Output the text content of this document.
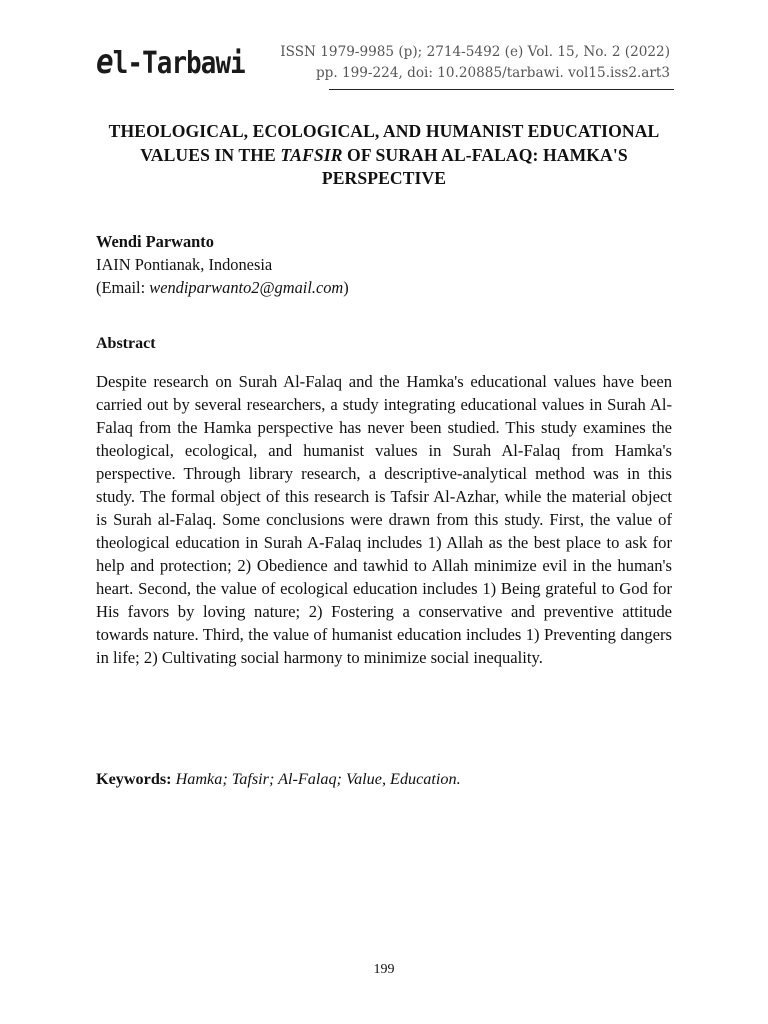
el-Tarbawi	ISSN 1979-9985 (p); 2714-5492 (e) Vol. 15, No. 2 (2022)
pp. 199-224, doi: 10.20885/tarbawi. vol15.iss2.art3
THEOLOGICAL, ECOLOGICAL, AND HUMANIST EDUCATIONAL VALUES IN THE TAFSIR OF SURAH AL-FALAQ: HAMKA'S PERSPECTIVE
Wendi Parwanto
IAIN Pontianak, Indonesia
(Email: wendiparwanto2@gmail.com)
Abstract

Despite research on Surah Al-Falaq and the Hamka's educational values have been carried out by several researchers, a study integrating educational values in Surah Al-Falaq from the Hamka perspective has never been studied. This study examines the theological, ecological, and humanist values in Surah Al-Falaq from Hamka's perspective. Through library research, a descriptive-analytical method was in this study. The formal object of this research is Tafsir Al-Azhar, while the material object is Surah al-Falaq. Some conclusions were drawn from this study. First, the value of theological education in Surah A-Falaq includes 1) Allah as the best place to ask for help and protection; 2) Obedience and tawhid to Allah minimize evil in the human's heart. Second, the value of ecological education includes 1) Being grateful to God for His favors by loving nature; 2) Fostering a conservative and preventive attitude towards nature. Third, the value of humanist education includes 1) Preventing dangers in life; 2) Cultivating social harmony to minimize social inequality.

Keywords: Hamka; Tafsir; Al-Falaq; Value, Education.
199
